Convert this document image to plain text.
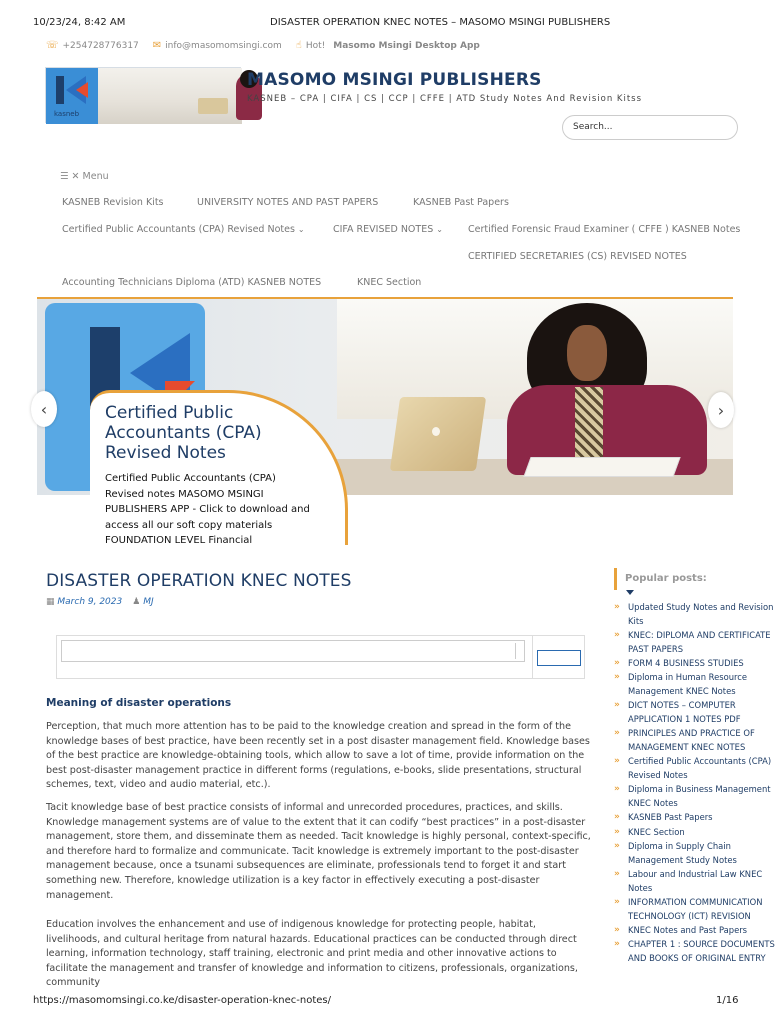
10/23/24, 8:42 AM	DISASTER OPERATION KNEC NOTES – MASOMO MSINGI PUBLISHERS
☏ +254728776317 ✉ info@masomomsingi.com ☝ Hot! Masomo Msingi Desktop App
kasneb
MASOMO MSINGI PUBLISHERS
KASNEB – CPA | CIFA | CS | CCP | CFFE | ATD Study Notes And Revision Kitss
Search...
☰ ✕ Menu
KASNEB Revision Kits	UNIVERSITY NOTES AND PAST PAPERS	KASNEB Past Papers
Certified Public Accountants (CPA) Revised Notes ⌄	CIFA REVISED NOTES ⌄	Certified Forensic Fraud Examiner ( CFFE ) KASNEB Notes
CERTIFIED SECRETARIES (CS) REVISED NOTES
Accounting Technicians Diploma (ATD) KASNEB NOTES	KNEC Section
‹	›
Certified Public Accountants (CPA) Revised Notes
Certified Public Accountants (CPA) Revised notes MASOMO MSINGI PUBLISHERS APP - Click to download and access all our soft copy materials FOUNDATION LEVEL Financial
DISASTER OPERATION KNEC NOTES
▦ March 9, 2023 ♟ MJ
Meaning of disaster operations
Perception, that much more attention has to be paid to the knowledge creation and spread in the form of the knowledge bases of best practice, have been recently set in a post disaster management field. Knowledge bases of the best practice are knowledge-obtaining tools, which allow to save a lot of time, provide information on the best post-disaster management practice in different forms (regulations, e-books, slide presentations, structural schemes, text, video and audio material, etc.).
Tacit knowledge base of best practice consists of informal and unrecorded procedures, practices, and skills. Knowledge management systems are of value to the extent that it can codify “best practices” in a post-disaster management, store them, and disseminate them as needed. Tacit knowledge is highly personal, context-specific, and therefore hard to formalize and communicate. Tacit knowledge is extremely important to the post-disaster management because, once a tsunami subsequences are eliminate, professionals tend to forget it and start something new. Therefore, knowledge utilization is a key factor in effectively executing a post-disaster management.
Education involves the enhancement and use of indigenous knowledge for protecting people, habitat, livelihoods, and cultural heritage from natural hazards. Educational practices can be conducted through direct learning, information technology, staff training, electronic and print media and other innovative actions to facilitate the management and transfer of knowledge and information to citizens, professionals, organizations, community
Popular posts:
» Updated Study Notes and Revision
Kits
» KNEC: DIPLOMA AND CERTIFICATE
PAST PAPERS
» FORM 4 BUSINESS STUDIES
» Diploma in Human Resource
Management KNEC Notes
» DICT NOTES – COMPUTER
APPLICATION 1 NOTES PDF
» PRINCIPLES AND PRACTICE OF
MANAGEMENT KNEC NOTES
» Certified Public Accountants (CPA)
Revised Notes
» Diploma in Business Management
KNEC Notes
» KASNEB Past Papers
» KNEC Section
» Diploma in Supply Chain
Management Study Notes
» Labour and Industrial Law KNEC
Notes
» INFORMATION COMMUNICATION
TECHNOLOGY (ICT) REVISION
» KNEC Notes and Past Papers
» CHAPTER 1 : SOURCE DOCUMENTS
AND BOOKS OF ORIGINAL ENTRY
https://masomomsingi.co.ke/disaster-operation-knec-notes/	1/16
